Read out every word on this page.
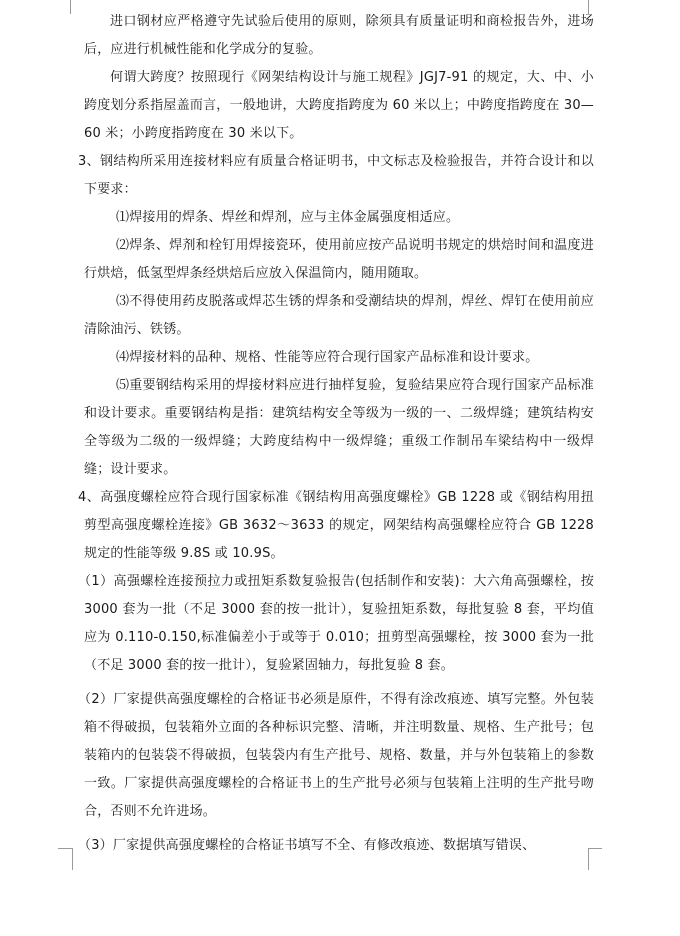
进口钢材应严格遵守先试验后使用的原则，除须具有质量证明和商检报告外，进场后，应进行机械性能和化学成分的复验。

何谓大跨度？按照现行《网架结构设计与施工规程》JGJ7-91 的规定，大、中、小跨度划分系指屋盖而言，一般地讲，大跨度指跨度为 60 米以上；中跨度指跨度在 30—60 米；小跨度指跨度在 30 米以下。

3、钢结构所采用连接材料应有质量合格证明书，中文标志及检验报告，并符合设计和以下要求：

⑴焊接用的焊条、焊丝和焊剂，应与主体金属强度相适应。

⑵焊条、焊剂和栓钉用焊接瓷环，使用前应按产品说明书规定的烘焙时间和温度进行烘焙，低氢型焊条经烘焙后应放入保温筒内，随用随取。

⑶不得使用药皮脱落或焊芯生锈的焊条和受潮结块的焊剂，焊丝、焊钉在使用前应清除油污、铁锈。

⑷焊接材料的品种、规格、性能等应符合现行国家产品标准和设计要求。

⑸重要钢结构采用的焊接材料应进行抽样复验，复验结果应符合现行国家产品标准和设计要求。重要钢结构是指：建筑结构安全等级为一级的一、二级焊缝；建筑结构安全等级为二级的一级焊缝；大跨度结构中一级焊缝；重级工作制吊车梁结构中一级焊缝；设计要求。

4、高强度螺栓应符合现行国家标准《钢结构用高强度螺栓》GB 1228 或《钢结构用扭剪型高强度螺栓连接》GB 3632～3633 的规定，网架结构高强螺栓应符合 GB 1228 规定的性能等级 9.8S 或 10.9S。

（1）高强螺栓连接预拉力或扭矩系数复验报告(包括制作和安装)：大六角高强螺栓，按 3000 套为一批（不足 3000 套的按一批计），复验扭矩系数，每批复验 8 套，平均值应为 0.110-0.150,标准偏差小于或等于 0.010；扭剪型高强螺栓，按 3000 套为一批（不足 3000 套的按一批计），复验紧固轴力，每批复验 8 套。

（2）厂家提供高强度螺栓的合格证书必须是原件，不得有涂改痕迹、填写完整。外包装箱不得破损，包装箱外立面的各种标识完整、清晰，并注明数量、规格、生产批号；包装箱内的包装袋不得破损，包装袋内有生产批号、规格、数量，并与外包装箱上的参数一致。厂家提供高强度螺栓的合格证书上的生产批号必须与包装箱上注明的生产批号吻合，否则不允许进场。

（3）厂家提供高强度螺栓的合格证书填写不全、有修改痕迹、数据填写错误、
